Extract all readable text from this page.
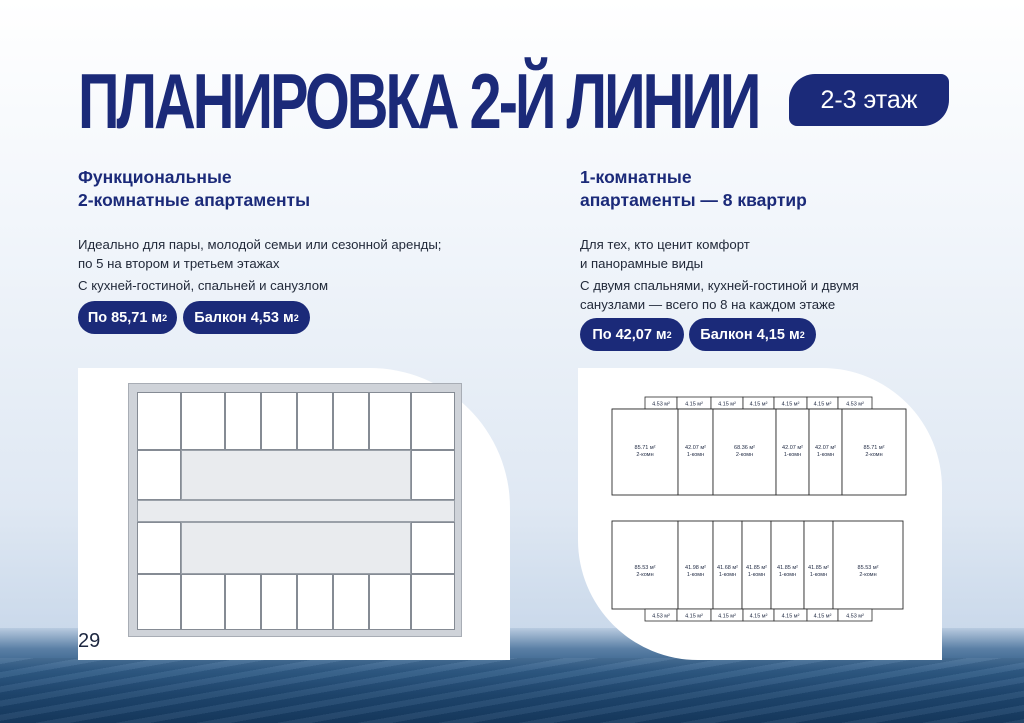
ПЛАНИРОВКА 2-Й ЛИНИИ	2-3 этаж

Функциональные
2-комнатные апартаменты

Идеально для пары, молодой семьи или сезонной аренды;
по 5 на втором и третьем этажах

С кухней-гостиной, спальней и санузлом

По 85,71 м 2 Балкон 4,53 м 2

1-комнатные
апартаменты — 8 квартир

Для тех, кто ценит комфорт
и панорамные виды

С двумя спальнями, кухней-гостиной и двумя
санузлами — всего по 8 на каждом этаже

По 42,07 м 2 Балкон 4,15 м 2
29
4.53 м²	4.15 м²	4.15 м² 4.15 м²	4.15 м²	4.15 м²	4.53 м²
85.71 м²
2-комн
42.07 м²
1-комн
68.36 м²
2-комн
42.07 м²
1-комн
42.07 м²
1-комн
85.71 м²
2-комн
85.53 м²
2-комн
41.98 м²
1-комн
41.68 м²
1-комн
41.85 м²
1-комн
41.85 м²
1-комн
41.85 м²
1-комн
85.53 м²
2-комн
4.53 м²	4.15 м²	4.15 м² 4.15 м²	4.15 м²	4.15 м²	4.53 м²
